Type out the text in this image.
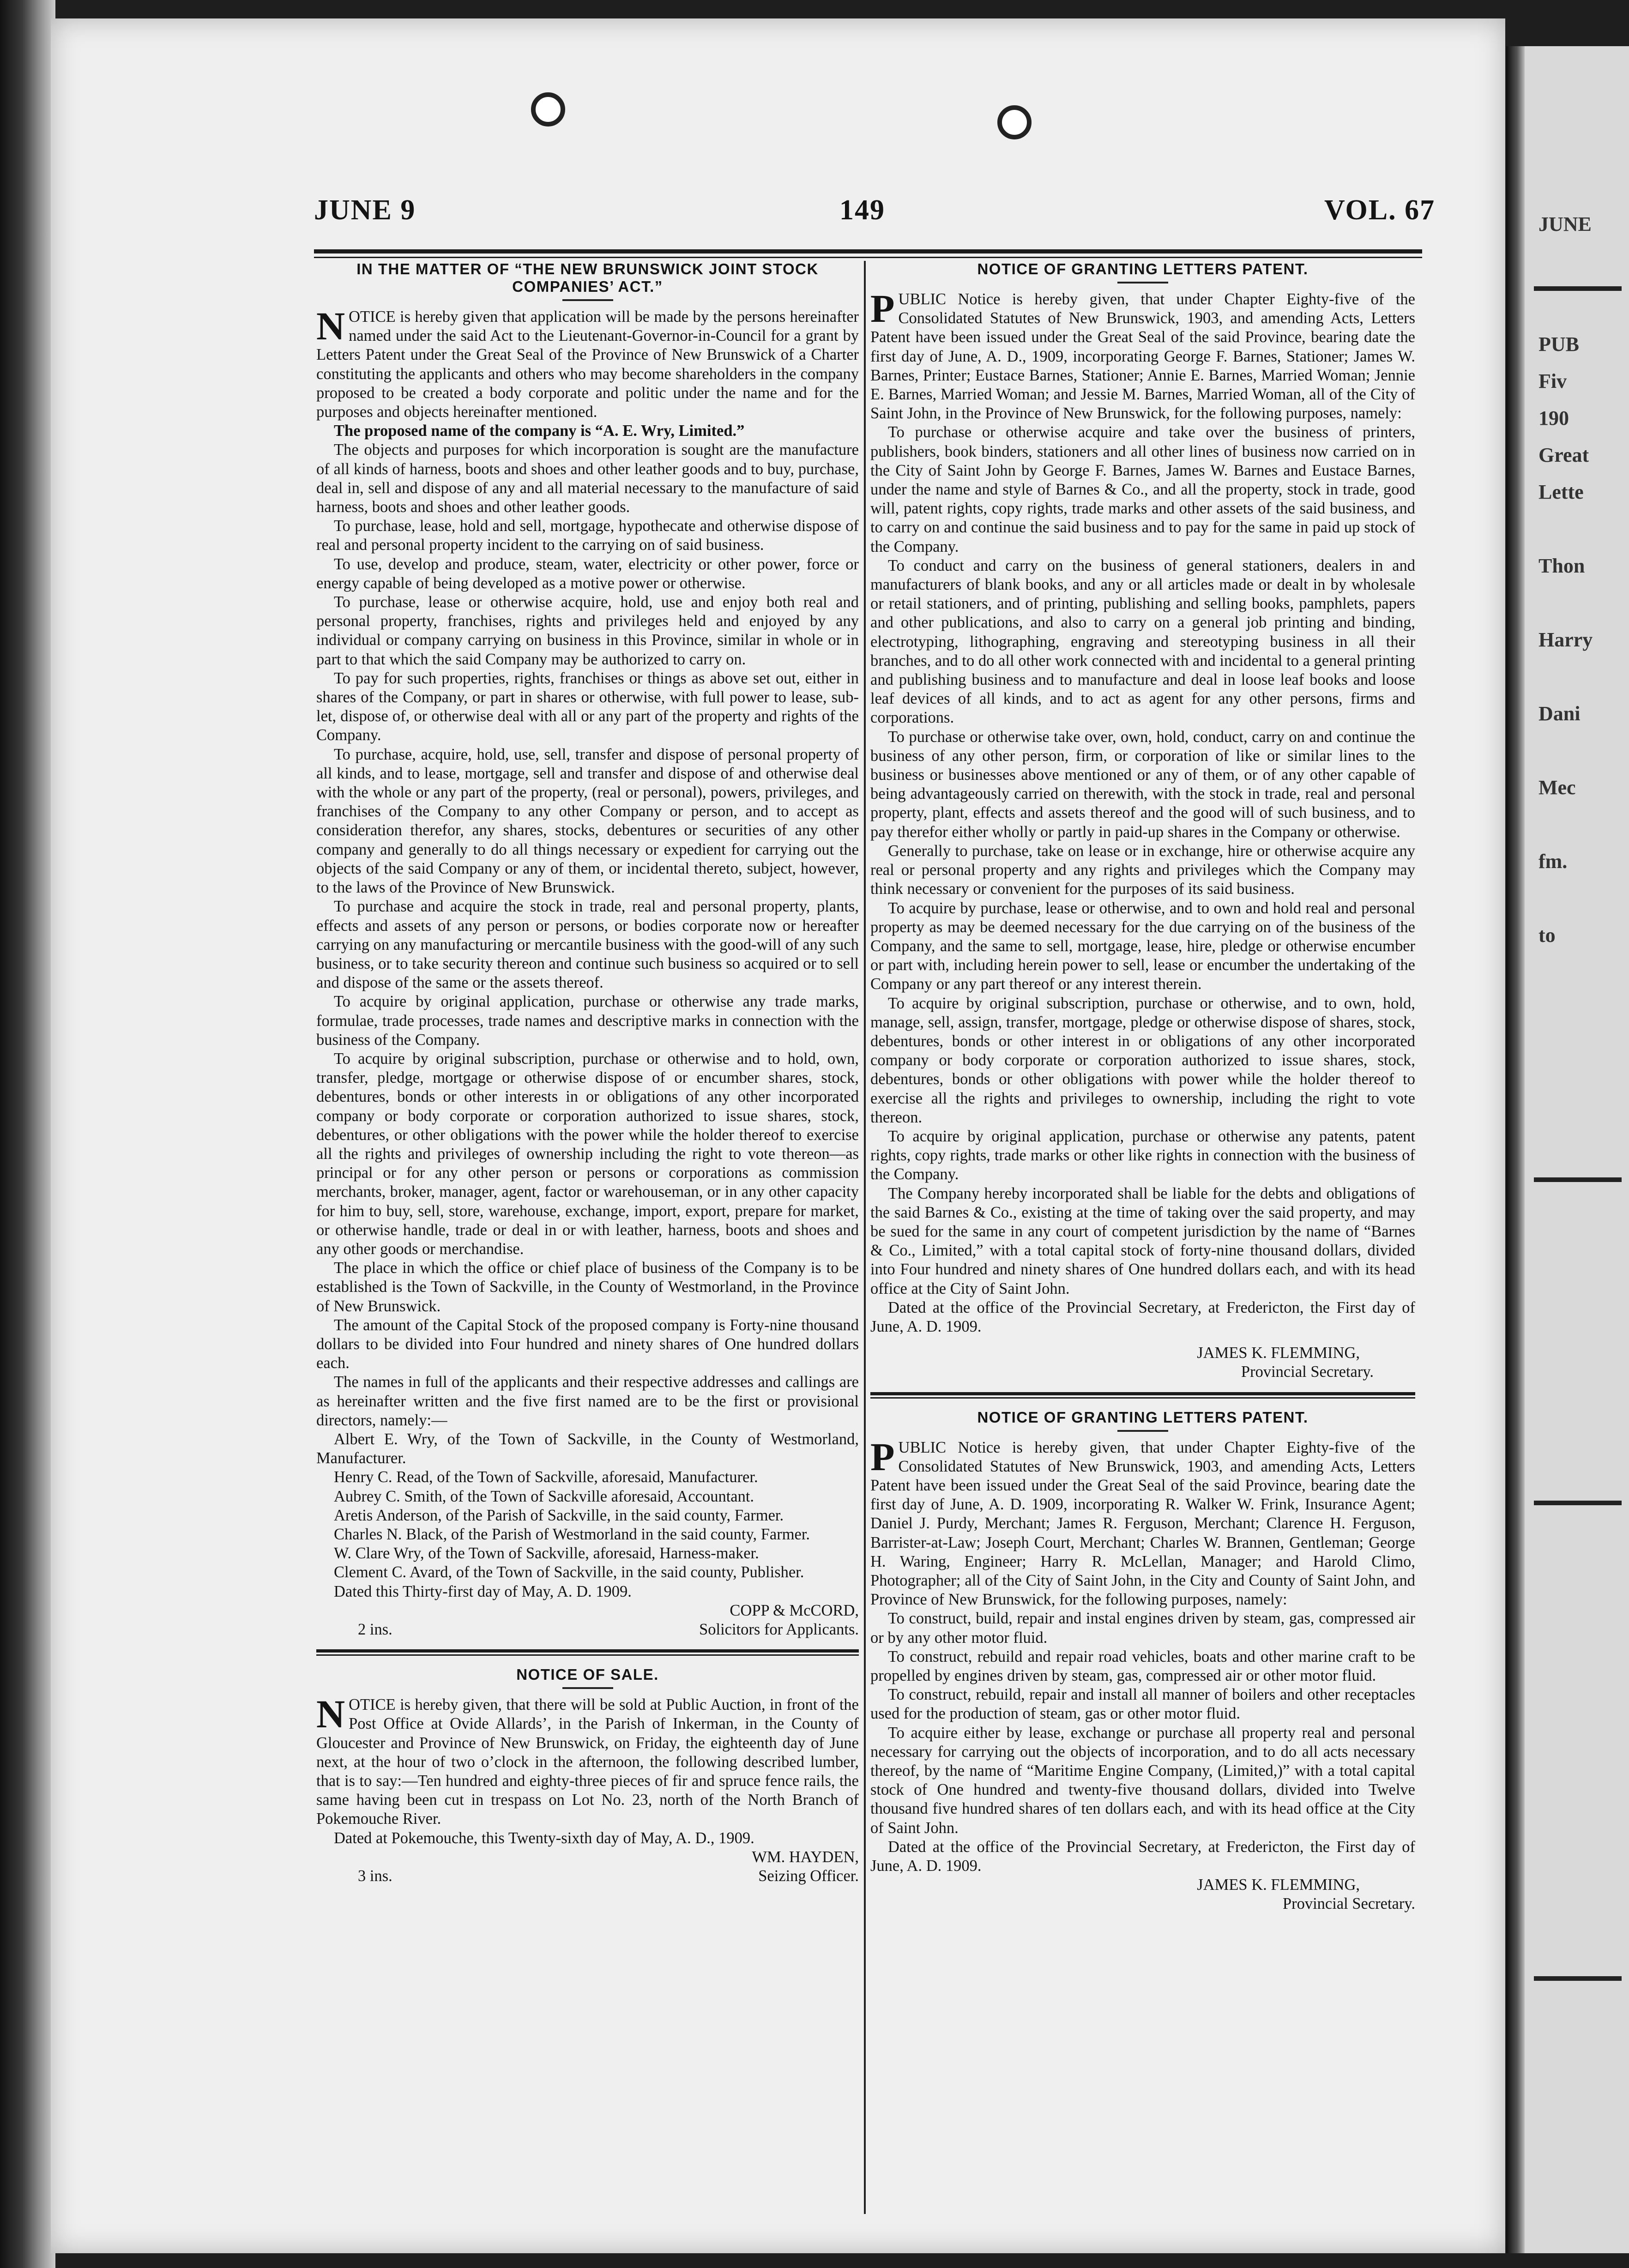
JUNE
PUB
Fiv
190
Great
Lette
Thon
Harry
Dani
Mec
fm.
to
JUNE 9	149	VOL. 67
IN THE MATTER OF “THE NEW BRUNSWICK JOINT STOCK COMPANIES’ ACT.”

NOTICE is hereby given that application will be made by the persons hereinafter named under the said Act to the Lieutenant-Governor-in-Council for a grant by Letters Patent under the Great Seal of the Province of New Brunswick of a Charter constituting the applicants and others who may become shareholders in the company proposed to be created a body corporate and politic under the name and for the purposes and objects hereinafter mentioned.

The proposed name of the company is “A. E. Wry, Limited.”

The objects and purposes for which incorporation is sought are the manufacture of all kinds of harness, boots and shoes and other leather goods and to buy, purchase, deal in, sell and dispose of any and all material necessary to the manufacture of said harness, boots and shoes and other leather goods.

To purchase, lease, hold and sell, mortgage, hypothecate and otherwise dispose of real and personal property incident to the carrying on of said business.

To use, develop and produce, steam, water, electricity or other power, force or energy capable of being developed as a motive power or otherwise.

To purchase, lease or otherwise acquire, hold, use and enjoy both real and personal property, franchises, rights and privileges held and enjoyed by any individual or company carrying on business in this Province, similar in whole or in part to that which the said Company may be authorized to carry on.

To pay for such properties, rights, franchises or things as above set out, either in shares of the Company, or part in shares or otherwise, with full power to lease, sub-let, dispose of, or otherwise deal with all or any part of the property and rights of the Company.

To purchase, acquire, hold, use, sell, transfer and dispose of personal property of all kinds, and to lease, mortgage, sell and transfer and dispose of and otherwise deal with the whole or any part of the property, (real or personal), powers, privileges, and franchises of the Company to any other Company or person, and to accept as consideration therefor, any shares, stocks, debentures or securities of any other company and generally to do all things necessary or expedient for carrying out the objects of the said Company or any of them, or incidental thereto, subject, however, to the laws of the Province of New Brunswick.

To purchase and acquire the stock in trade, real and personal property, plants, effects and assets of any person or persons, or bodies corporate now or hereafter carrying on any manufacturing or mercantile business with the good-will of any such business, or to take security thereon and continue such business so acquired or to sell and dispose of the same or the assets thereof.

To acquire by original application, purchase or otherwise any trade marks, formulae, trade processes, trade names and descriptive marks in connection with the business of the Company.

To acquire by original subscription, purchase or otherwise and to hold, own, transfer, pledge, mortgage or otherwise dispose of or encumber shares, stock, debentures, bonds or other interests in or obligations of any other incorporated company or body corporate or corporation authorized to issue shares, stock, debentures, or other obligations with the power while the holder thereof to exercise all the rights and privileges of ownership including the right to vote thereon—as principal or for any other person or persons or corporations as commission merchants, broker, manager, agent, factor or warehouseman, or in any other capacity for him to buy, sell, store, warehouse, exchange, import, export, prepare for market, or otherwise handle, trade or deal in or with leather, harness, boots and shoes and any other goods or merchandise.

The place in which the office or chief place of business of the Company is to be established is the Town of Sackville, in the County of Westmorland, in the Province of New Brunswick.

The amount of the Capital Stock of the proposed company is Forty-nine thousand dollars to be divided into Four hundred and ninety shares of One hundred dollars each.

The names in full of the applicants and their respective addresses and callings are as hereinafter written and the five first named are to be the first or provisional directors, namely:—

Albert E. Wry, of the Town of Sackville, in the County of Westmorland, Manufacturer.

Henry C. Read, of the Town of Sackville, aforesaid, Manufacturer.

Aubrey C. Smith, of the Town of Sackville aforesaid, Accountant.

Aretis Anderson, of the Parish of Sackville, in the said county, Farmer.

Charles N. Black, of the Parish of Westmorland in the said county, Farmer.

W. Clare Wry, of the Town of Sackville, aforesaid, Harness-maker.

Clement C. Avard, of the Town of Sackville, in the said county, Publisher.

Dated this Thirty-first day of May, A. D. 1909.

COPP & McCORD,
2 ins.	Solicitors for Applicants.
NOTICE OF SALE.

NOTICE is hereby given, that there will be sold at Public Auction, in front of the Post Office at Ovide Allards’, in the Parish of Inkerman, in the County of Gloucester and Province of New Brunswick, on Friday, the eighteenth day of June next, at the hour of two o’clock in the afternoon, the following described lumber, that is to say:—Ten hundred and eighty-three pieces of fir and spruce fence rails, the same having been cut in trespass on Lot No. 23, north of the North Branch of Pokemouche River.

Dated at Pokemouche, this Twenty-sixth day of May, A. D., 1909.

WM. HAYDEN,
3 ins.	Seizing Officer.
NOTICE OF GRANTING LETTERS PATENT.

PUBLIC Notice is hereby given, that under Chapter Eighty-five of the Consolidated Statutes of New Brunswick, 1903, and amending Acts, Letters Patent have been issued under the Great Seal of the said Province, bearing date the first day of June, A. D., 1909, incorporating George F. Barnes, Stationer; James W. Barnes, Printer; Eustace Barnes, Stationer; Annie E. Barnes, Married Woman; Jennie E. Barnes, Married Woman; and Jessie M. Barnes, Married Woman, all of the City of Saint John, in the Province of New Brunswick, for the following purposes, namely:

To purchase or otherwise acquire and take over the business of printers, publishers, book binders, stationers and all other lines of business now carried on in the City of Saint John by George F. Barnes, James W. Barnes and Eustace Barnes, under the name and style of Barnes & Co., and all the property, stock in trade, good will, patent rights, copy rights, trade marks and other assets of the said business, and to carry on and continue the said business and to pay for the same in paid up stock of the Company.

To conduct and carry on the business of general stationers, dealers in and manufacturers of blank books, and any or all articles made or dealt in by wholesale or retail stationers, and of printing, publishing and selling books, pamphlets, papers and other publications, and also to carry on a general job printing and binding, electrotyping, lithographing, engraving and stereotyping business in all their branches, and to do all other work connected with and incidental to a general printing and publishing business and to manufacture and deal in loose leaf books and loose leaf devices of all kinds, and to act as agent for any other persons, firms and corporations.

To purchase or otherwise take over, own, hold, conduct, carry on and continue the business of any other person, firm, or corporation of like or similar lines to the business or businesses above mentioned or any of them, or of any other capable of being advantageously carried on therewith, with the stock in trade, real and personal property, plant, effects and assets thereof and the good will of such business, and to pay therefor either wholly or partly in paid-up shares in the Company or otherwise.

Generally to purchase, take on lease or in exchange, hire or otherwise acquire any real or personal property and any rights and privileges which the Company may think necessary or convenient for the purposes of its said business.

To acquire by purchase, lease or otherwise, and to own and hold real and personal property as may be deemed necessary for the due carrying on of the business of the Company, and the same to sell, mortgage, lease, hire, pledge or otherwise encumber or part with, including herein power to sell, lease or encumber the undertaking of the Company or any part thereof or any interest therein.

To acquire by original subscription, purchase or otherwise, and to own, hold, manage, sell, assign, transfer, mortgage, pledge or otherwise dispose of shares, stock, debentures, bonds or other interest in or obligations of any other incorporated company or body corporate or corporation authorized to issue shares, stock, debentures, bonds or other obligations with power while the holder thereof to exercise all the rights and privileges to ownership, including the right to vote thereon.

To acquire by original application, purchase or otherwise any patents, patent rights, copy rights, trade marks or other like rights in connection with the business of the Company.

The Company hereby incorporated shall be liable for the debts and obligations of the said Barnes & Co., existing at the time of taking over the said property, and may be sued for the same in any court of competent jurisdiction by the name of “Barnes & Co., Limited,” with a total capital stock of forty-nine thousand dollars, divided into Four hundred and ninety shares of One hundred dollars each, and with its head office at the City of Saint John.

Dated at the office of the Provincial Secretary, at Fredericton, the First day of June, A. D. 1909.

JAMES K. FLEMMING,
Provincial Secretary.
NOTICE OF GRANTING LETTERS PATENT.

PUBLIC Notice is hereby given, that under Chapter Eighty-five of the Consolidated Statutes of New Brunswick, 1903, and amending Acts, Letters Patent have been issued under the Great Seal of the said Province, bearing date the first day of June, A. D. 1909, incorporating R. Walker W. Frink, Insurance Agent; Daniel J. Purdy, Merchant; James R. Ferguson, Merchant; Clarence H. Ferguson, Barrister-at-Law; Joseph Court, Merchant; Charles W. Brannen, Gentleman; George H. Waring, Engineer; Harry R. McLellan, Manager; and Harold Climo, Photographer; all of the City of Saint John, in the City and County of Saint John, and Province of New Brunswick, for the following purposes, namely:

To construct, build, repair and instal engines driven by steam, gas, compressed air or by any other motor fluid.

To construct, rebuild and repair road vehicles, boats and other marine craft to be propelled by engines driven by steam, gas, compressed air or other motor fluid.

To construct, rebuild, repair and install all manner of boilers and other receptacles used for the production of steam, gas or other motor fluid.

To acquire either by lease, exchange or purchase all property real and personal necessary for carrying out the objects of incorporation, and to do all acts necessary thereof, by the name of “Maritime Engine Company, (Limited,)” with a total capital stock of One hundred and twenty-five thousand dollars, divided into Twelve thousand five hundred shares of ten dollars each, and with its head office at the City of Saint John.

Dated at the office of the Provincial Secretary, at Fredericton, the First day of June, A. D. 1909.

JAMES K. FLEMMING,
Provincial Secretary.
